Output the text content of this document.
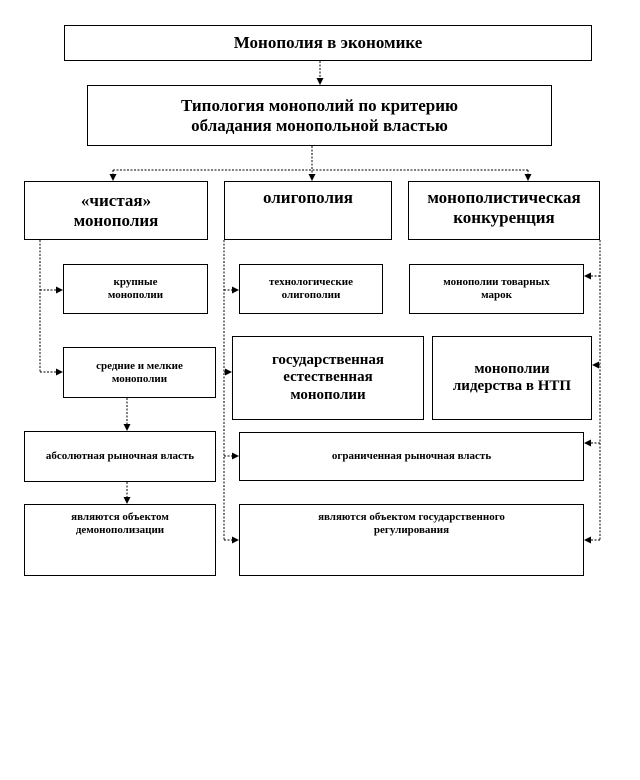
Монополия в экономике
Типология монополий по критерию обладания монопольной властью
«чистая» монополия
олигополия	монополистическая конкуренция
крупные монополии
средние и мелкие монополии
абсолютная рыночная власть
являются объектом демонополизации
технологические олигополии
государственная естественная монополии
монополии товарных марок
монополии лидерства в НТП
ограниченная рыночная власть
являются объектом государственного регулирования
